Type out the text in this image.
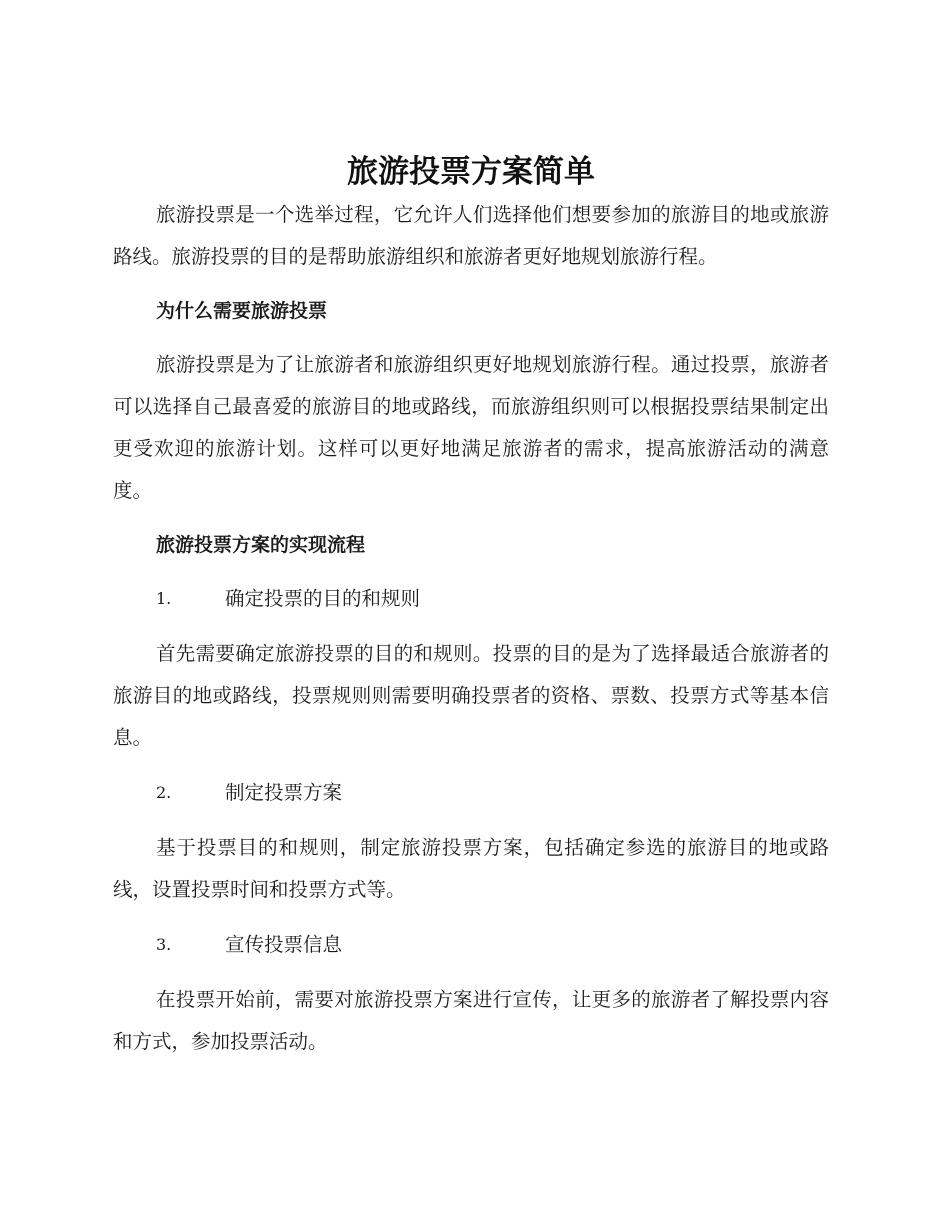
旅游投票方案简单

旅游投票是一个选举过程，它允许人们选择他们想要参加的旅游目的地或旅游路线。旅游投票的目的是帮助旅游组织和旅游者更好地规划旅游行程。

为什么需要旅游投票

旅游投票是为了让旅游者和旅游组织更好地规划旅游行程。通过投票，旅游者可以选择自己最喜爱的旅游目的地或路线，而旅游组织则可以根据投票结果制定出更受欢迎的旅游计划。这样可以更好地满足旅游者的需求，提高旅游活动的满意度。

旅游投票方案的实现流程
1.	确定投票的目的和规则

首先需要确定旅游投票的目的和规则。投票的目的是为了选择最适合旅游者的旅游目的地或路线，投票规则则需要明确投票者的资格、票数、投票方式等基本信息。

2.	制定投票方案

基于投票目的和规则，制定旅游投票方案，包括确定参选的旅游目的地或路线，设置投票时间和投票方式等。

3.	宣传投票信息

在投票开始前，需要对旅游投票方案进行宣传，让更多的旅游者了解投票内容和方式，参加投票活动。
